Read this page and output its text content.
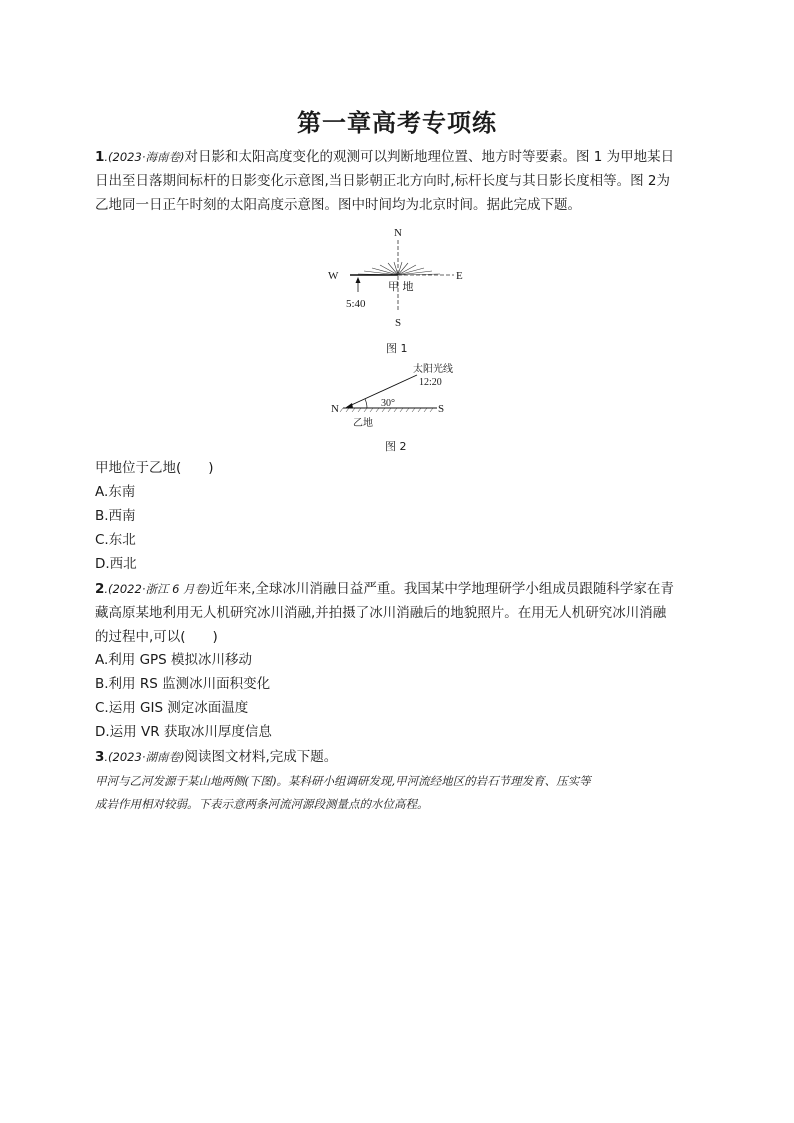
第一章高考专项练

1.(2023·海南卷)对日影和太阳高度变化的观测可以判断地理位置、地方时等要素。图 1 为甲地某日

日出至日落期间标杆的日影变化示意图,当日影朝正北方向时,标杆长度与其日影长度相等。图 2为

乙地同一日正午时刻的太阳高度示意图。图中时间均为北京时间。据此完成下题。

N
W	E
5:40
甲 地
S
图 1
太阳光线
12:20
30°
N	S
乙地
图 2
甲地位于乙地(　　)
A.东南
B.西南
C.东北
D.西北

2.(2022·浙江 6 月卷)近年来,全球冰川消融日益严重。我国某中学地理研学小组成员跟随科学家在青

藏高原某地利用无人机研究冰川消融,并拍摄了冰川消融后的地貌照片。在用无人机研究冰川消融

的过程中,可以(　　)

A.利用 GPS 模拟冰川移动
B.利用 RS 监测冰川面积变化
C.运用 GIS 测定冰面温度
D.运用 VR 获取冰川厚度信息

3.(2023·湖南卷)阅读图文材料,完成下题。

甲河与乙河发源于某山地两侧(下图)。某科研小组调研发现,甲河流经地区的岩石节理发育、压实等
成岩作用相对较弱。下表示意两条河流河源段测量点的水位高程。
